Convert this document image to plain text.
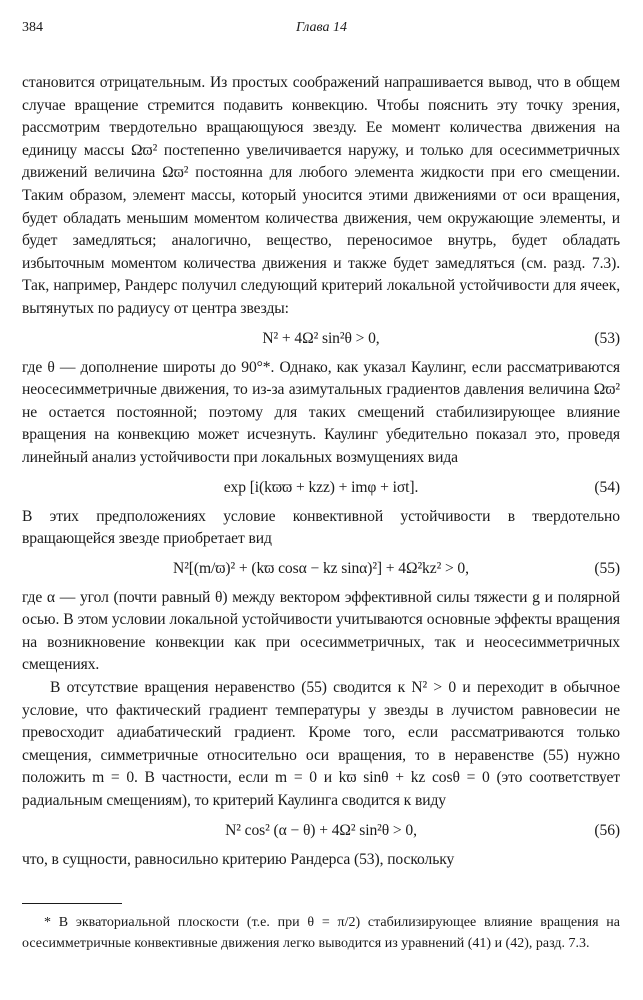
384	Глава 14

становится отрицательным. Из простых соображений напрашивается вывод, что в общем случае вращение стремится подавить конвекцию. Чтобы пояснить эту точку зрения, рассмотрим твердотельно вращающуюся звезду. Ее момент количества движения на единицу массы Ωϖ² постепенно увеличивается наружу, и только для осесимметричных движений величина Ωϖ² постоянна для любого элемента жидкости при его смещении. Таким образом, элемент массы, который уносится этими движениями от оси вращения, будет обладать меньшим моментом количества движения, чем окружающие элементы, и будет замедляться; аналогично, вещество, переносимое внутрь, будет обладать избыточным моментом количества движения и также будет замедляться (см. разд. 7.3). Так, например, Рандерс получил следующий критерий локальной устойчивости для ячеек, вытянутых по радиусу от центра звезды:

N² + 4Ω² sin²θ > 0,	(53)

где θ — дополнение широты до 90°*. Однако, как указал Каулинг, если рассматриваются неосесимметричные движения, то из-за азимутальных градиентов давления величина Ωϖ² не остается постоянной; поэтому для таких смещений стабилизирующее влияние вращения на конвекцию может исчезнуть. Каулинг убедительно показал это, проведя линейный анализ устойчивости при локальных возмущениях вида

exp [i(kϖϖ + kzz) + imφ + iσt].	(54)

В этих предположениях условие конвективной устойчивости в твердотельно вращающейся звезде приобретает вид

N²[(m/ϖ)² + (kϖ cosα − kz sinα)²] + 4Ω²kz² > 0,	(55)

где α — угол (почти равный θ) между вектором эффективной силы тяжести g и полярной осью. В этом условии локальной устойчивости учитываются основные эффекты вращения на возникновение конвекции как при осесимметричных, так и неосесимметричных смещениях.

В отсутствие вращения неравенство (55) сводится к N² > 0 и переходит в обычное условие, что фактический градиент температуры у звезды в лучистом равновесии не превосходит адиабатический градиент. Кроме того, если рассматриваются только смещения, симметричные относительно оси вращения, то в неравенстве (55) нужно положить m = 0. В частности, если m = 0 и kϖ sinθ + kz cosθ = 0 (это соответствует радиальным смещениям), то критерий Каулинга сводится к виду

N² cos² (α − θ) + 4Ω² sin²θ > 0,	(56)

что, в сущности, равносильно критерию Рандерса (53), поскольку

* В экваториальной плоскости (т.е. при θ = π/2) стабилизирующее влияние вращения на осесимметричные конвективные движения легко выводится из уравнений (41) и (42), разд. 7.3.
